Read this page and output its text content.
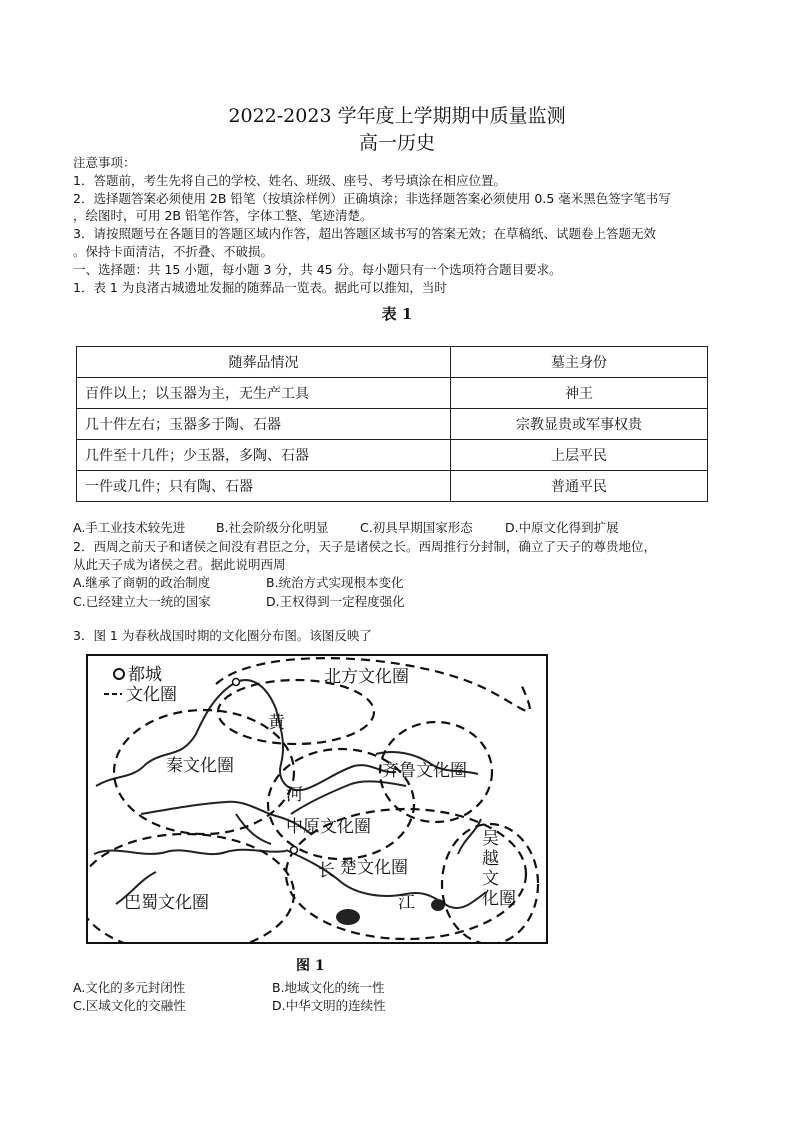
2022-2023 学年度上学期期中质量监测
高一历史
注意事项：
1．答题前，考生先将自己的学校、姓名、班级、座号、考号填涂在相应位置。
2．选择题答案必须使用 2B 铅笔（按填涂样例）正确填涂；非选择题答案必须使用 0.5 毫米黑色签字笔书写
，绘图时，可用 2B 铅笔作答，字体工整、笔迹清楚。
3．请按照题号在各题目的答题区域内作答，超出答题区域书写的答案无效；在草稿纸、试题卷上答题无效
。保持卡面清洁，不折叠、不破损。
一、选择题：共 15 小题，每小题 3 分，共 45 分。每小题只有一个选项符合题目要求。
1．表 1 为良渚古城遗址发掘的随葬品一览表。据此可以推知，当时
表 1
随葬品情况	墓主身份
百件以上；以玉器为主，无生产工具	神王
几十件左右；玉器多于陶、石器	宗教显贵或军事权贵
几件至十几件；少玉器，多陶、石器	上层平民
一件或几件；只有陶、石器	普通平民
A.手工业技术较先进 B.社会阶级分化明显	C.初具早期国家形态	D.中原文化得到扩展
2．西周之前天子和诸侯之间没有君臣之分，天子是诸侯之长。西周推行分封制，确立了天子的尊贵地位，
从此天子成为诸侯之君。据此说明西周
A.继承了商朝的政治制度	B.统治方式实现根本变化
C.已经建立大一统的国家	D.王权得到一定程度强化
3．图 1 为春秋战国时期的文化圈分布图。该图反映了
都城
文化圈
北方文化圈
秦文化圈	齐鲁文化圈
中原文化圈
楚文化圈
巴蜀文化圈
黄
河
长
江
吴 越 文 化圈
图 1
A.文化的多元封闭性	B.地域文化的统一性
C.区域文化的交融性	D.中华文明的连续性
